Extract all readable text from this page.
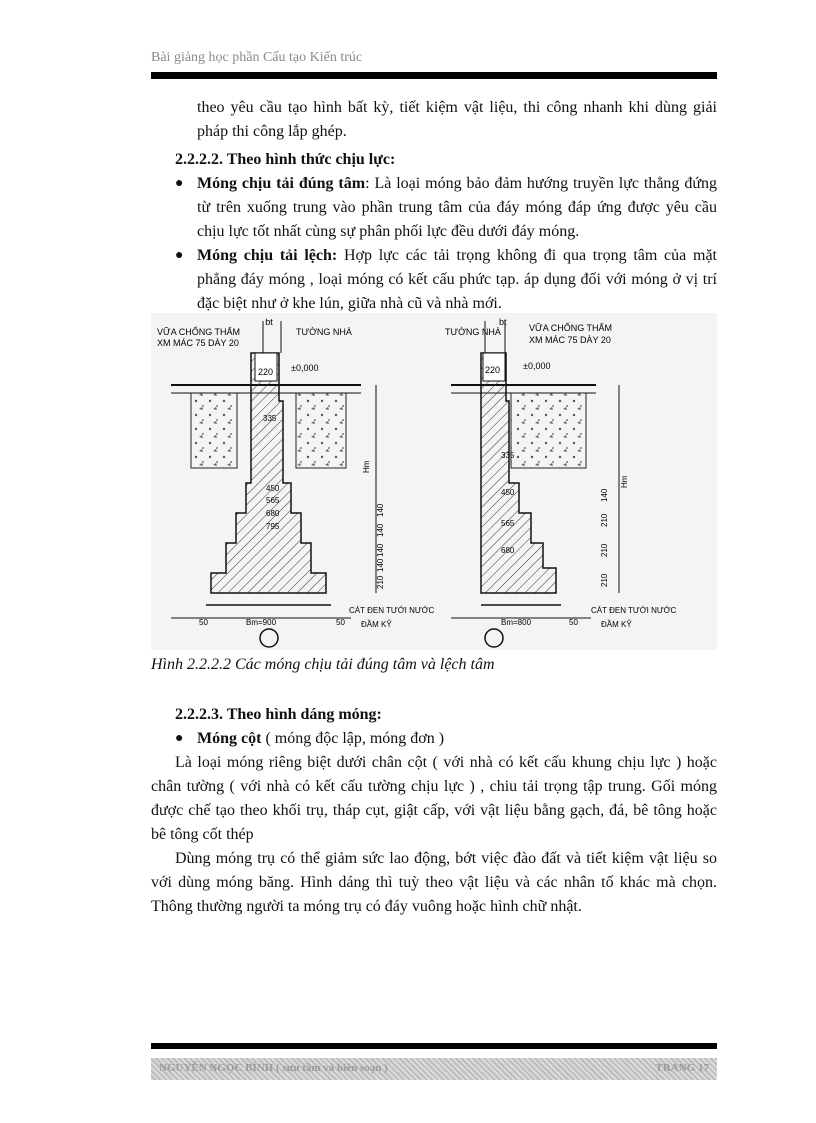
Bài giảng học phần Cấu tạo Kiến trúc

theo yêu cầu tạo hình bất kỳ, tiết kiệm vật liệu, thi công nhanh khi dùng giải pháp thi công lắp ghép.

2.2.2.2. Theo hình thức chịu lực:
● Móng chịu tải đúng tâm: Là loại móng bảo đảm hướng truyền lực thẳng đứng từ trên xuống trung vào phần trung tâm của đáy móng đáp ứng được yêu cầu chịu lực tốt nhất cùng sự phân phối lực đều dưới đáy móng.
● Móng chịu tải lệch: Hợp lực các tải trọng không đi qua trọng tâm của mặt phẳng đáy móng , loại móng có kết cấu phức tạp. áp dụng đối với móng ở vị trí đặc biệt như ở khe lún, giữa nhà cũ và nhà mới.
bt
VỮA CHỐNG THẤM
XM MÁC 75 DÀY 20
TƯỜNG NHÀ
220 ±0,000
335
450
565
680
795
Hm
140
140
140
140
210
50	Bm=900	50
CÁT ĐEN TƯỚI NƯỚC
ĐẦM KỸ
bt
TƯỜNG NHÀ	VỮA CHỐNG THẤM
XM MÁC 75 DÀY 20
220	±0,000
335
450
565
680
Hm
140
210
210
210
Bm=800	50
CÁT ĐEN TƯỚI NƯỚC
ĐẦM KỸ
Hình 2.2.2.2 Các móng chịu tải đúng tâm và lệch tâm
2.2.2.3. Theo hình dáng móng:
● Móng cột ( móng độc lập, móng đơn )

Là loại móng riêng biệt dưới chân cột ( với nhà có kết cấu khung chịu lực ) hoặc chân tường ( với nhà có kết cấu tường chịu lực ) , chiu tải trọng tập trung. Gối móng được chế tạo theo khối trụ, tháp cụt, giật cấp, với vật liệu bằng gạch, đá, bê tông hoặc bê tông cốt thép

Dùng móng trụ có thể giảm sức lao động, bớt việc đào đất và tiết kiệm vật liệu so với dùng móng băng. Hình dáng thì tuỳ theo vật liệu và các nhân tố khác mà chọn. Thông thường người ta móng trụ có đáy vuông hoặc hình chữ nhật.

NGUYỄN NGỌC BÌNH ( sưu tầm và biên soạn )	TRANG 17
